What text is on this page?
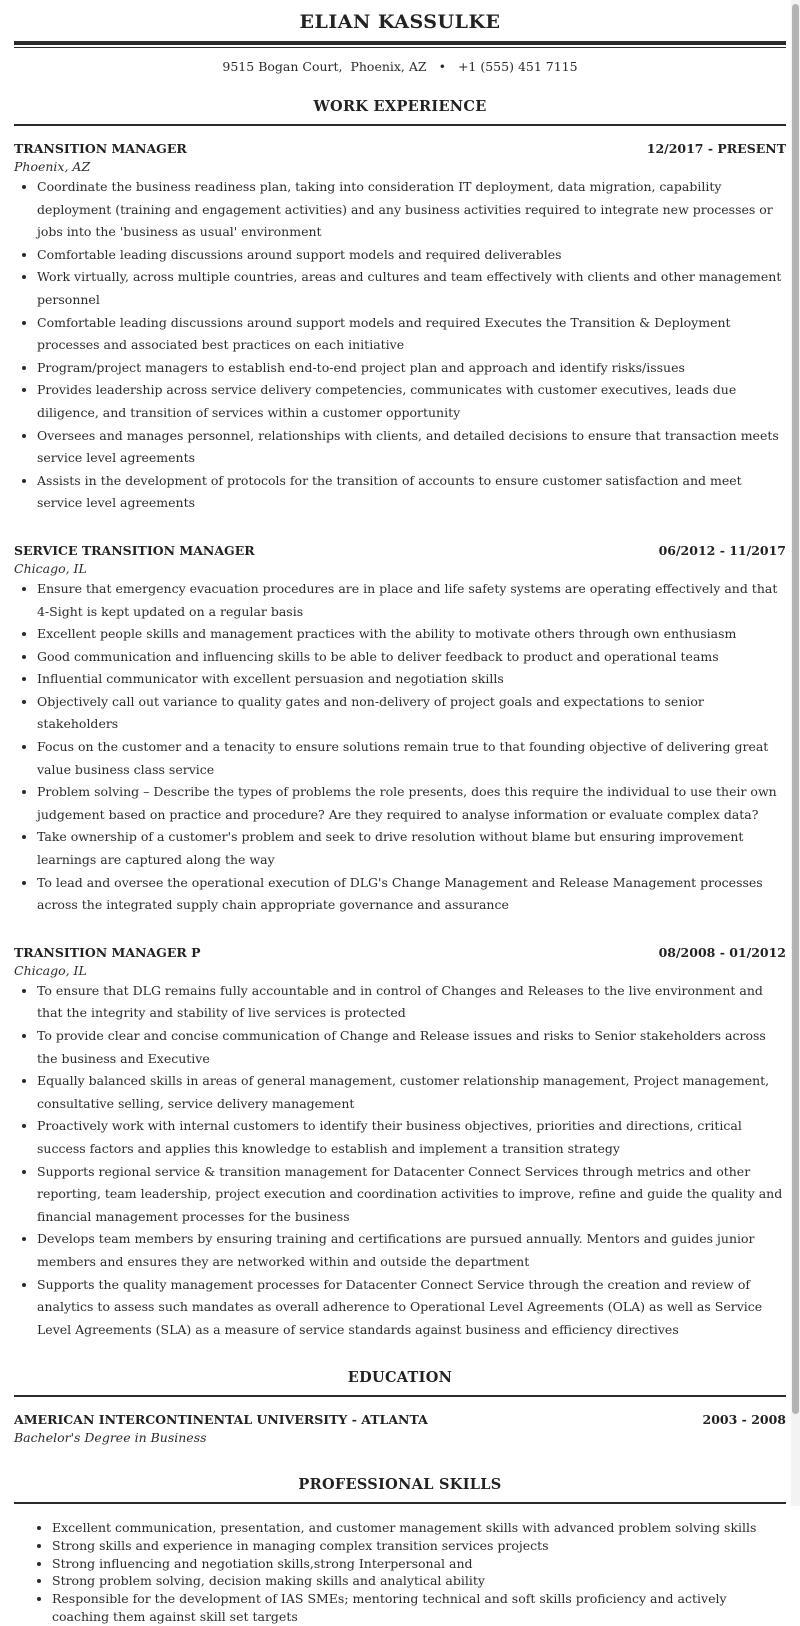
ELIAN KASSULKE
9515 Bogan Court, Phoenix, AZ • +1 (555) 451 7115
WORK EXPERIENCE
TRANSITION MANAGER	12/2017 - PRESENT
Phoenix, AZ
• Coordinate the business readiness plan, taking into consideration IT deployment, data migration, capability deployment (training and engagement activities) and any business activities required to integrate new processes or jobs into the 'business as usual' environment
• Comfortable leading discussions around support models and required deliverables
• Work virtually, across multiple countries, areas and cultures and team effectively with clients and other management personnel
• Comfortable leading discussions around support models and required Executes the Transition & Deployment processes and associated best practices on each initiative
• Program/project managers to establish end-to-end project plan and approach and identify risks/issues
• Provides leadership across service delivery competencies, communicates with customer executives, leads due diligence, and transition of services within a customer opportunity
• Oversees and manages personnel, relationships with clients, and detailed decisions to ensure that transaction meets service level agreements
• Assists in the development of protocols for the transition of accounts to ensure customer satisfaction and meet service level agreements
SERVICE TRANSITION MANAGER	06/2012 - 11/2017
Chicago, IL
• Ensure that emergency evacuation procedures are in place and life safety systems are operating effectively and that 4-Sight is kept updated on a regular basis
• Excellent people skills and management practices with the ability to motivate others through own enthusiasm
• Good communication and influencing skills to be able to deliver feedback to product and operational teams
• Influential communicator with excellent persuasion and negotiation skills
• Objectively call out variance to quality gates and non-delivery of project goals and expectations to senior stakeholders
• Focus on the customer and a tenacity to ensure solutions remain true to that founding objective of delivering great value business class service
• Problem solving – Describe the types of problems the role presents, does this require the individual to use their own judgement based on practice and procedure? Are they required to analyse information or evaluate complex data?
• Take ownership of a customer's problem and seek to drive resolution without blame but ensuring improvement learnings are captured along the way
• To lead and oversee the operational execution of DLG's Change Management and Release Management processes across the integrated supply chain appropriate governance and assurance
TRANSITION MANAGER P	08/2008 - 01/2012
Chicago, IL
• To ensure that DLG remains fully accountable and in control of Changes and Releases to the live environment and that the integrity and stability of live services is protected
• To provide clear and concise communication of Change and Release issues and risks to Senior stakeholders across the business and Executive
• Equally balanced skills in areas of general management, customer relationship management, Project management, consultative selling, service delivery management
• Proactively work with internal customers to identify their business objectives, priorities and directions, critical success factors and applies this knowledge to establish and implement a transition strategy
• Supports regional service & transition management for Datacenter Connect Services through metrics and other reporting, team leadership, project execution and coordination activities to improve, refine and guide the quality and financial management processes for the business
• Develops team members by ensuring training and certifications are pursued annually. Mentors and guides junior members and ensures they are networked within and outside the department
• Supports the quality management processes for Datacenter Connect Service through the creation and review of analytics to assess such mandates as overall adherence to Operational Level Agreements (OLA) as well as Service Level Agreements (SLA) as a measure of service standards against business and efficiency directives
EDUCATION
AMERICAN INTERCONTINENTAL UNIVERSITY - ATLANTA	2003 - 2008
Bachelor's Degree in Business
PROFESSIONAL SKILLS
• Excellent communication, presentation, and customer management skills with advanced problem solving skills
• Strong skills and experience in managing complex transition services projects
• Strong influencing and negotiation skills,strong Interpersonal and
• Strong problem solving, decision making skills and analytical ability
• Responsible for the development of IAS SMEs; mentoring technical and soft skills proficiency and actively coaching them against skill set targets
